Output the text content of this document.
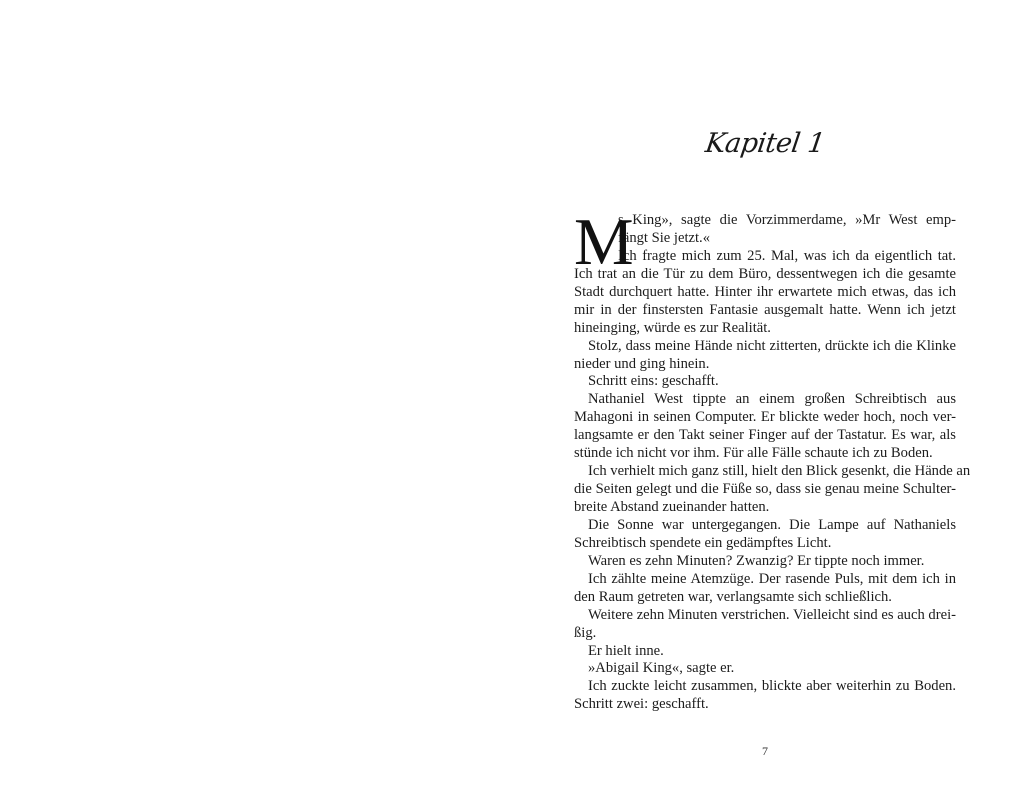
Kapitel 1
M
s King», sagte die Vorzimmerdame, »Mr West emp-
fängt Sie jetzt.«
Ich fragte mich zum 25. Mal, was ich da eigentlich tat.
Ich trat an die Tür zu dem Büro, dessentwegen ich die gesamte
Stadt durchquert hatte. Hinter ihr erwartete mich etwas, das ich
mir in der finstersten Fantasie ausgemalt hatte. Wenn ich jetzt
hineinging, würde es zur Realität.
Stolz, dass meine Hände nicht zitterten, drückte ich die Klinke
nieder und ging hinein.
Schritt eins: geschafft.
Nathaniel West tippte an einem großen Schreibtisch aus
Mahagoni in seinen Computer. Er blickte weder hoch, noch ver-
langsamte er den Takt seiner Finger auf der Tastatur. Es war, als
stünde ich nicht vor ihm. Für alle Fälle schaute ich zu Boden.
Ich verhielt mich ganz still, hielt den Blick gesenkt, die Hände an
die Seiten gelegt und die Füße so, dass sie genau meine Schulter-
breite Abstand zueinander hatten.
Die Sonne war untergegangen. Die Lampe auf Nathaniels
Schreibtisch spendete ein gedämpftes Licht.
Waren es zehn Minuten? Zwanzig? Er tippte noch immer.
Ich zählte meine Atemzüge. Der rasende Puls, mit dem ich in
den Raum getreten war, verlangsamte sich schließlich.
Weitere zehn Minuten verstrichen. Vielleicht sind es auch drei-
ßig.
Er hielt inne.
»Abigail King«, sagte er.
Ich zuckte leicht zusammen, blickte aber weiterhin zu Boden.
Schritt zwei: geschafft.
7
